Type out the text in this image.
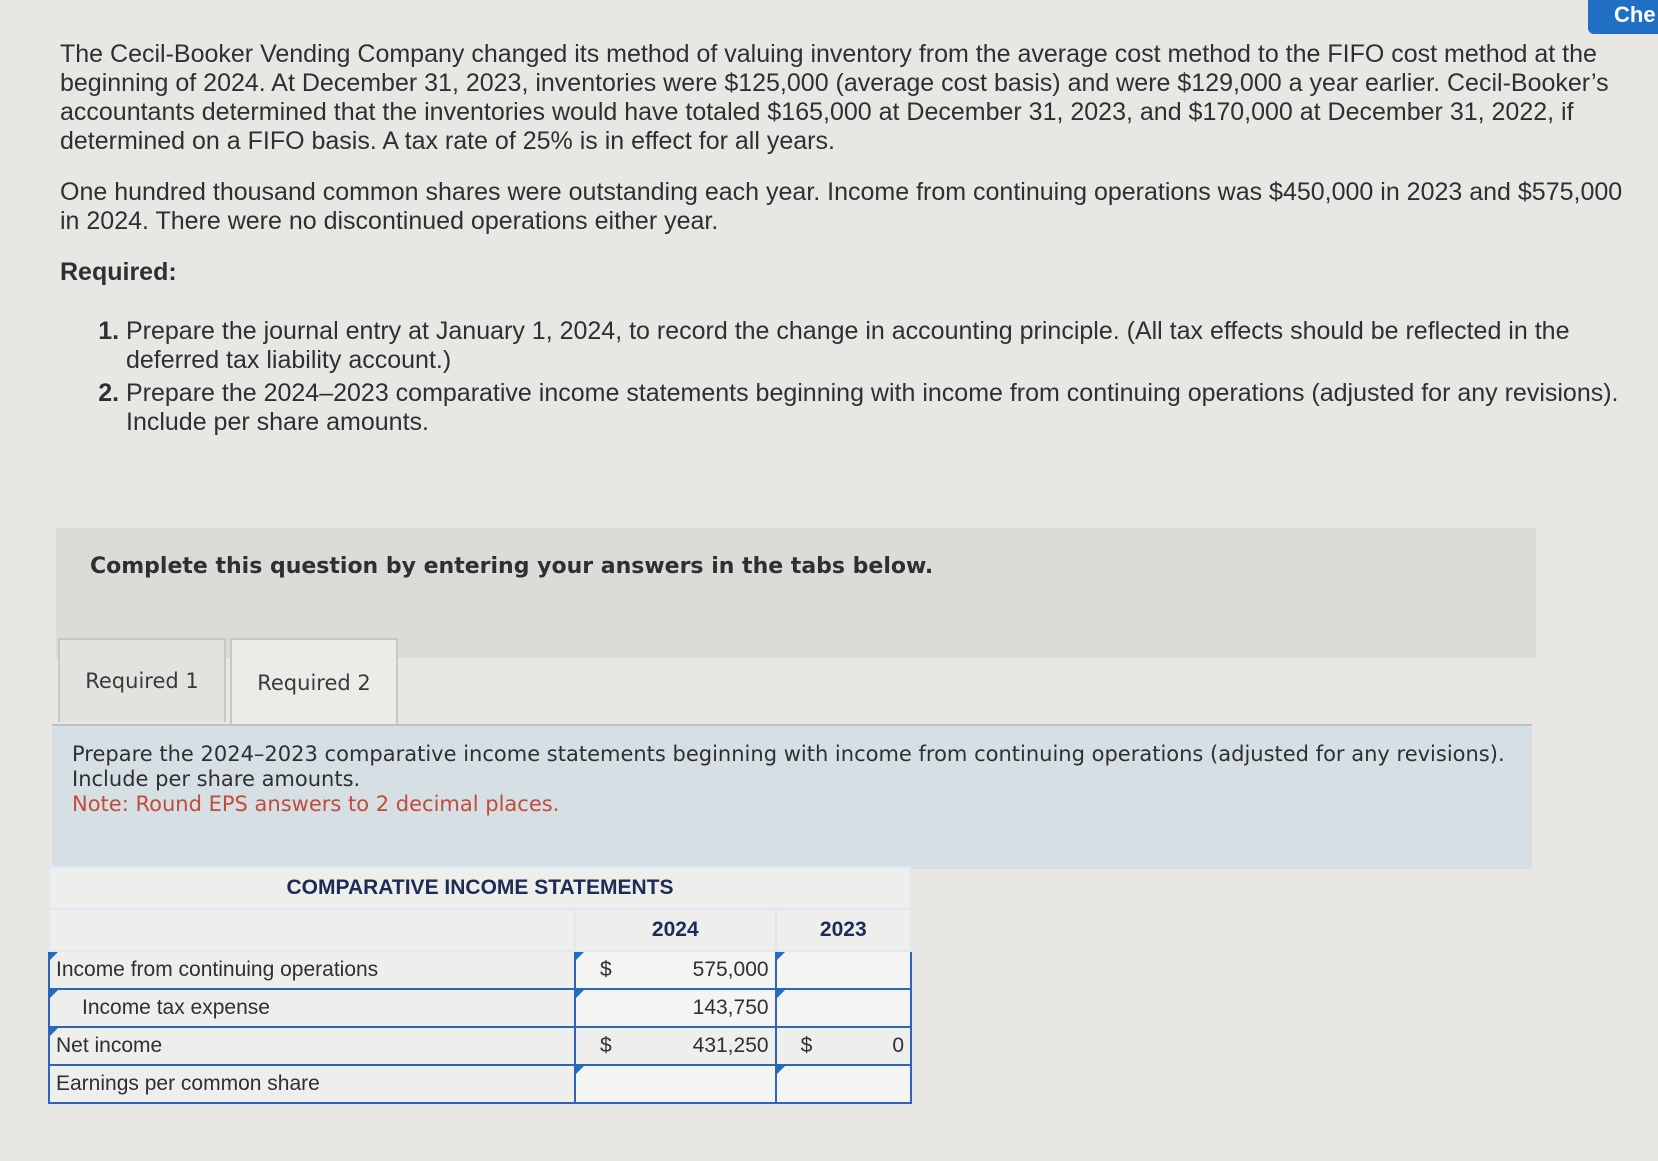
Che

The Cecil-Booker Vending Company changed its method of valuing inventory from the average cost method to the FIFO cost method at the beginning of 2024. At December 31, 2023, inventories were $125,000 (average cost basis) and were $129,000 a year earlier. Cecil-Booker’s accountants determined that the inventories would have totaled $165,000 at December 31, 2023, and $170,000 at December 31, 2022, if determined on a FIFO basis. A tax rate of 25% is in effect for all years.

One hundred thousand common shares were outstanding each year. Income from continuing operations was $450,000 in 2023 and $575,000 in 2024. There were no discontinued operations either year.

Required:
1. Prepare the journal entry at January 1, 2024, to record the change in accounting principle. (All tax effects should be reflected in the deferred tax liability account.)
2. Prepare the 2024–2023 comparative income statements beginning with income from continuing operations (adjusted for any revisions). Include per share amounts.
Complete this question by entering your answers in the tabs below.
Required 1	Required 2
Prepare the 2024–2023 comparative income statements beginning with income from continuing operations (adjusted for any revisions). Include per share amounts.
Note: Round EPS answers to 2 decimal places.
COMPARATIVE INCOME STATEMENTS		
	2024	2023
Income from continuing operations	$ 575,000	

Income tax expense	143,750	

Net income	$ 431,250	$ 0
Earnings per common share	
